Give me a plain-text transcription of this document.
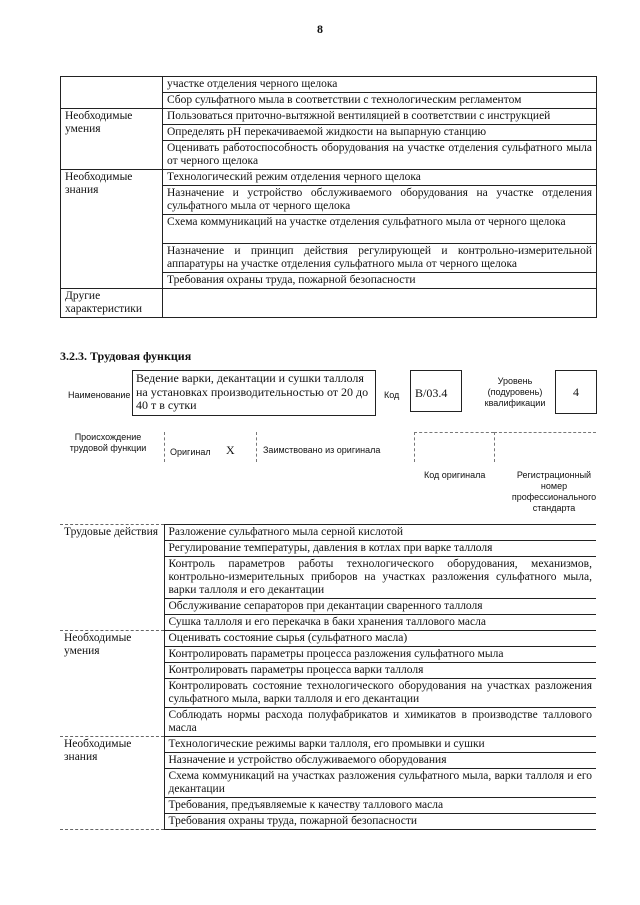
8
	участке отделения черного щелока
	Сбор сульфатного мыла в соответствии с технологическим регламентом
Необходимые умения	Пользоваться приточно-вытяжной вентиляцией в соответствии с инструкцией
	Определять pH перекачиваемой жидкости на выпарную станцию
	Оценивать работоспособность оборудования на участке отделения сульфатного мыла от черного щелока
Необходимые знания	Технологический режим отделения черного щелока
	Назначение и устройство обслуживаемого оборудования на участке отделения сульфатного мыла от черного щелока
	Схема коммуникаций на участке отделения сульфатного мыла от черного щелока
	Назначение и принцип действия регулирующей и контрольно-измерительной аппаратуры на участке отделения сульфатного мыла от черного щелока
	Требования охраны труда, пожарной безопасности
Другие характеристики	
3.2.3. Трудовая функция
Наименование
Ведение варки, декантации и сушки таллоля на установках производительностью от 20 до 40 т в сутки
Код	В/03.4
Уровень (подуровень) квалификации
4
Происхождение трудовой функции	Оригинал X	Заимствовано из оригинала
Код оригинала	Регистрационный номер профессионального стандарта
Трудовые действия	Разложение сульфатного мыла серной кислотой
	Регулирование температуры, давления в котлах при варке таллоля
	Контроль параметров работы технологического оборудования, механизмов, контрольно-измерительных приборов на участках разложения сульфатного мыла, варки таллоля и его декантации
	Обслуживание сепараторов при декантации сваренного таллоля
	Сушка таллоля и его перекачка в баки хранения таллового масла
Необходимые умения	Оценивать состояние сырья (сульфатного масла)
	Контролировать параметры процесса разложения сульфатного мыла
	Контролировать параметры процесса варки таллоля
	Контролировать состояние технологического оборудования на участках разложения сульфатного мыла, варки таллоля и его декантации
	Соблюдать нормы расхода полуфабрикатов и химикатов в производстве таллового масла
Необходимые знания	Технологические режимы варки таллоля, его промывки и сушки
	Назначение и устройство обслуживаемого оборудования
	Схема коммуникаций на участках разложения сульфатного мыла, варки таллоля и его декантации
	Требования, предъявляемые к качеству таллового масла
	Требования охраны труда, пожарной безопасности
